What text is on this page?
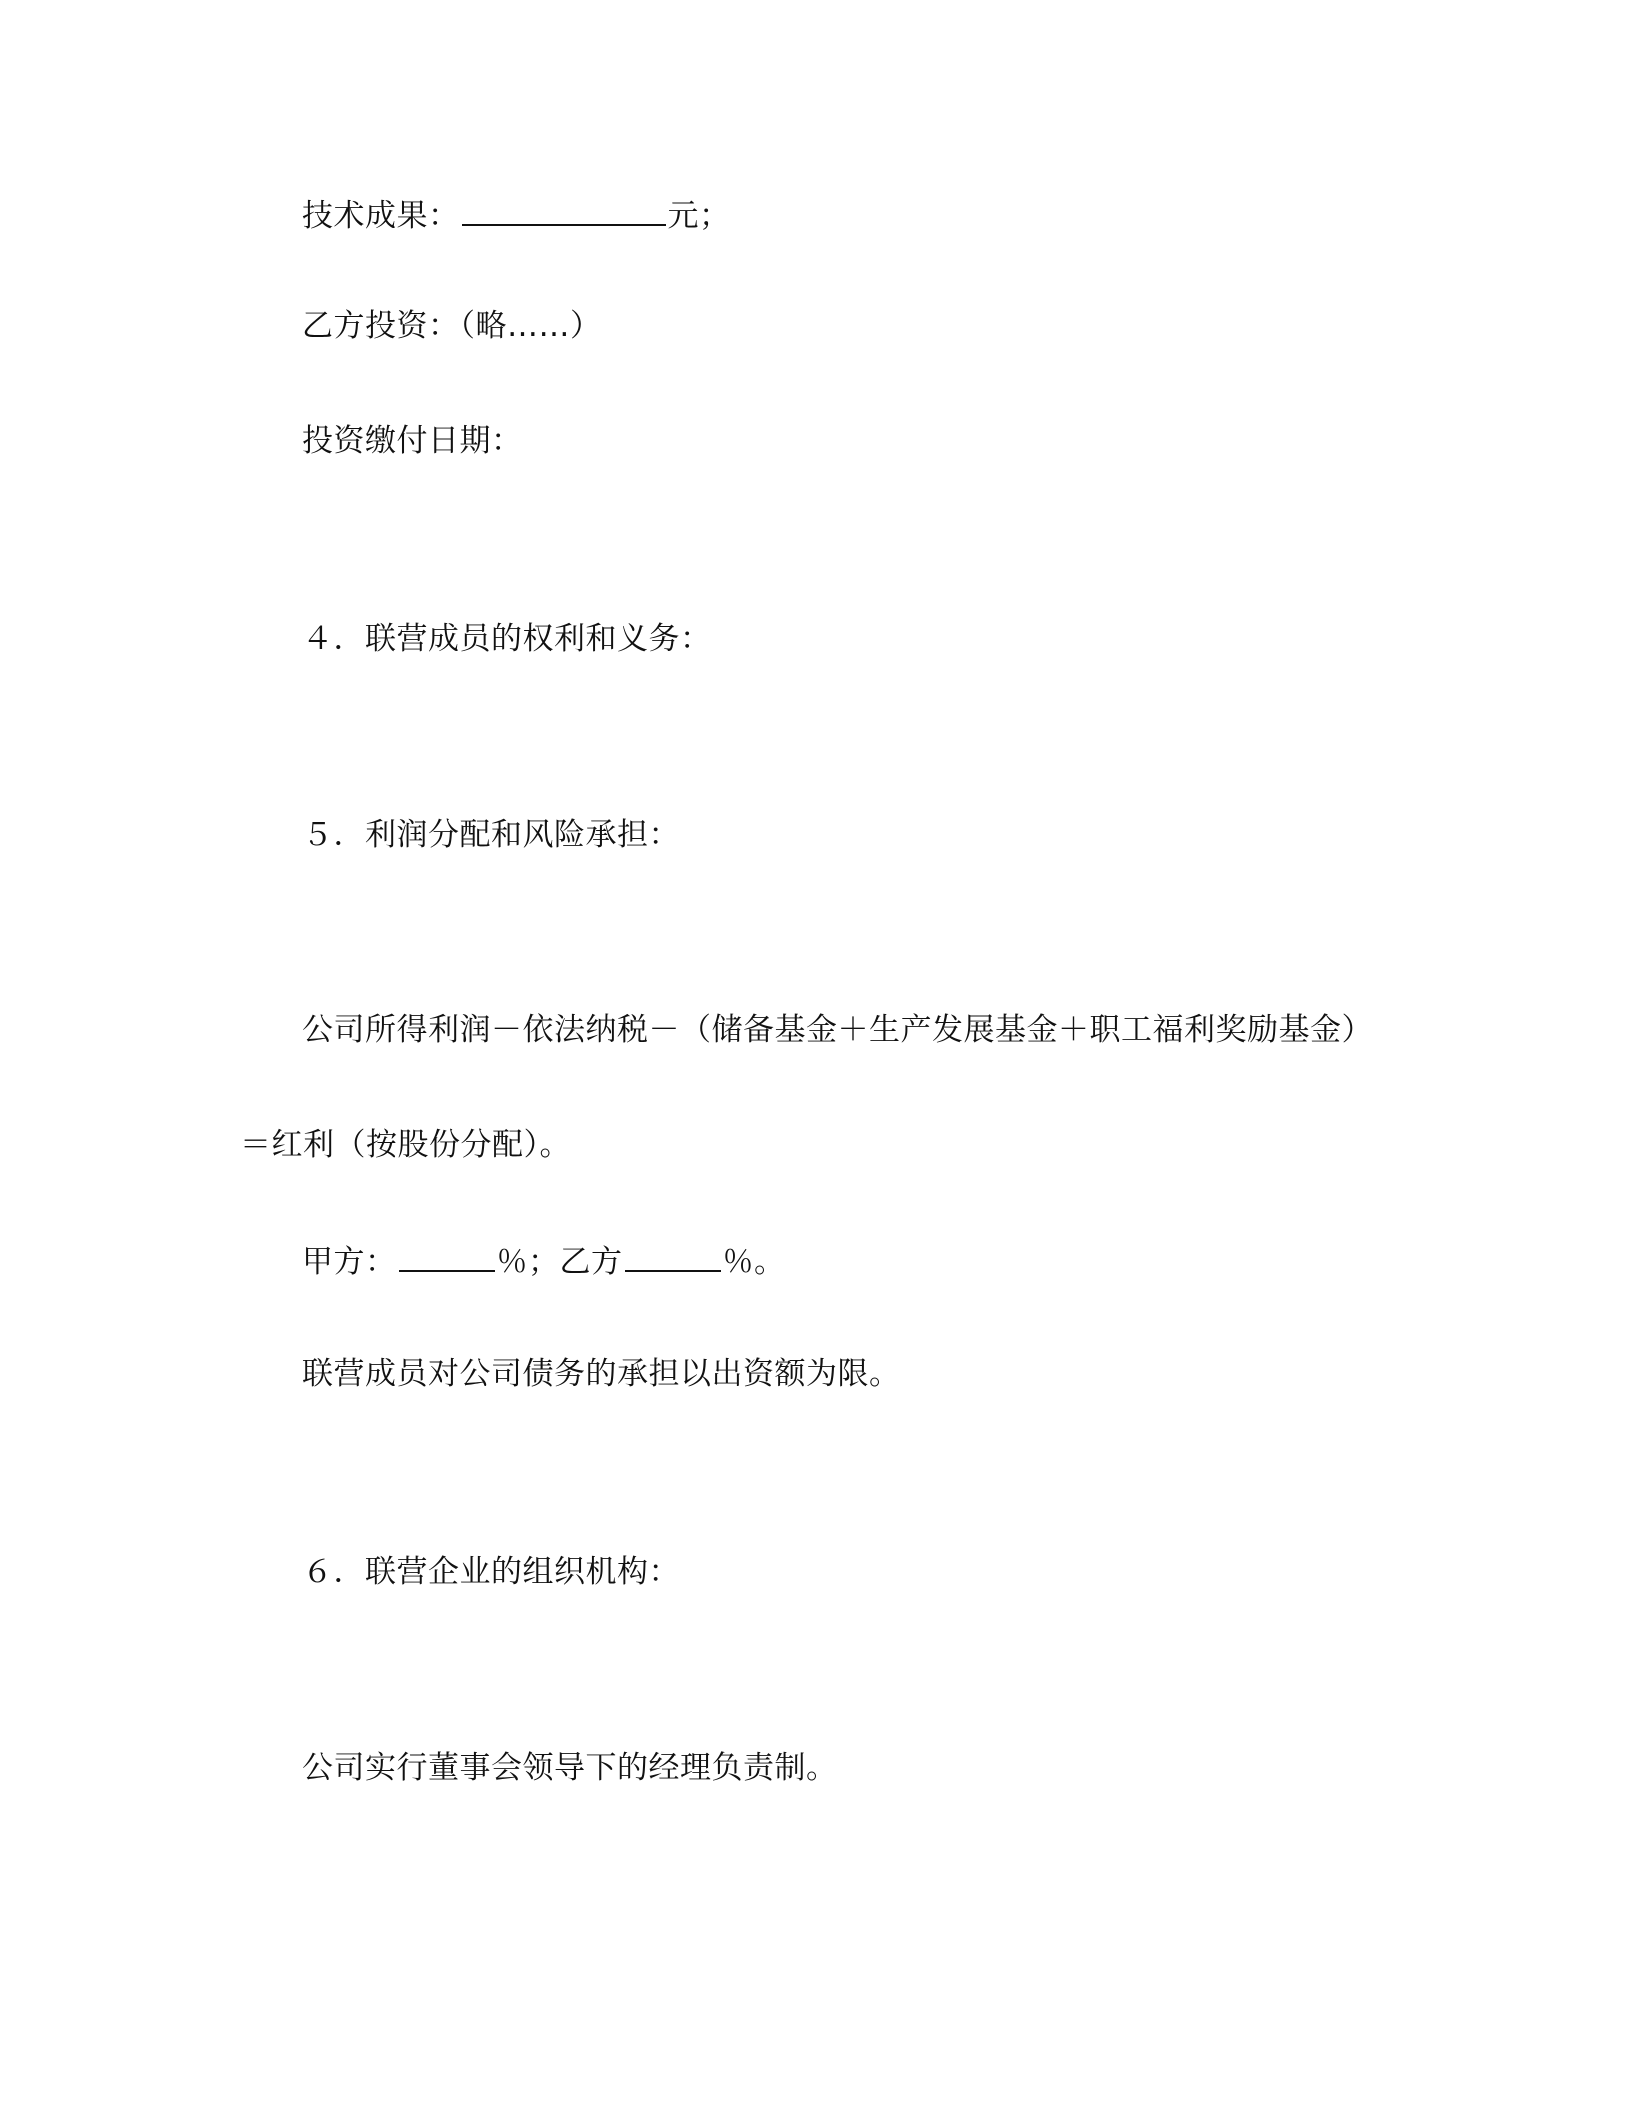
技术成果：	元；
乙方投资：（略……）
投资缴付日期：
４．联营成员的权利和义务：
５．利润分配和风险承担：
公司所得利润－依法纳税－（储备基金＋生产发展基金＋职工福利奖励基金）
＝红利（按股份分配）。
甲方：	％；乙方	％。
联营成员对公司债务的承担以出资额为限。
６．联营企业的组织机构：
公司实行董事会领导下的经理负责制。
